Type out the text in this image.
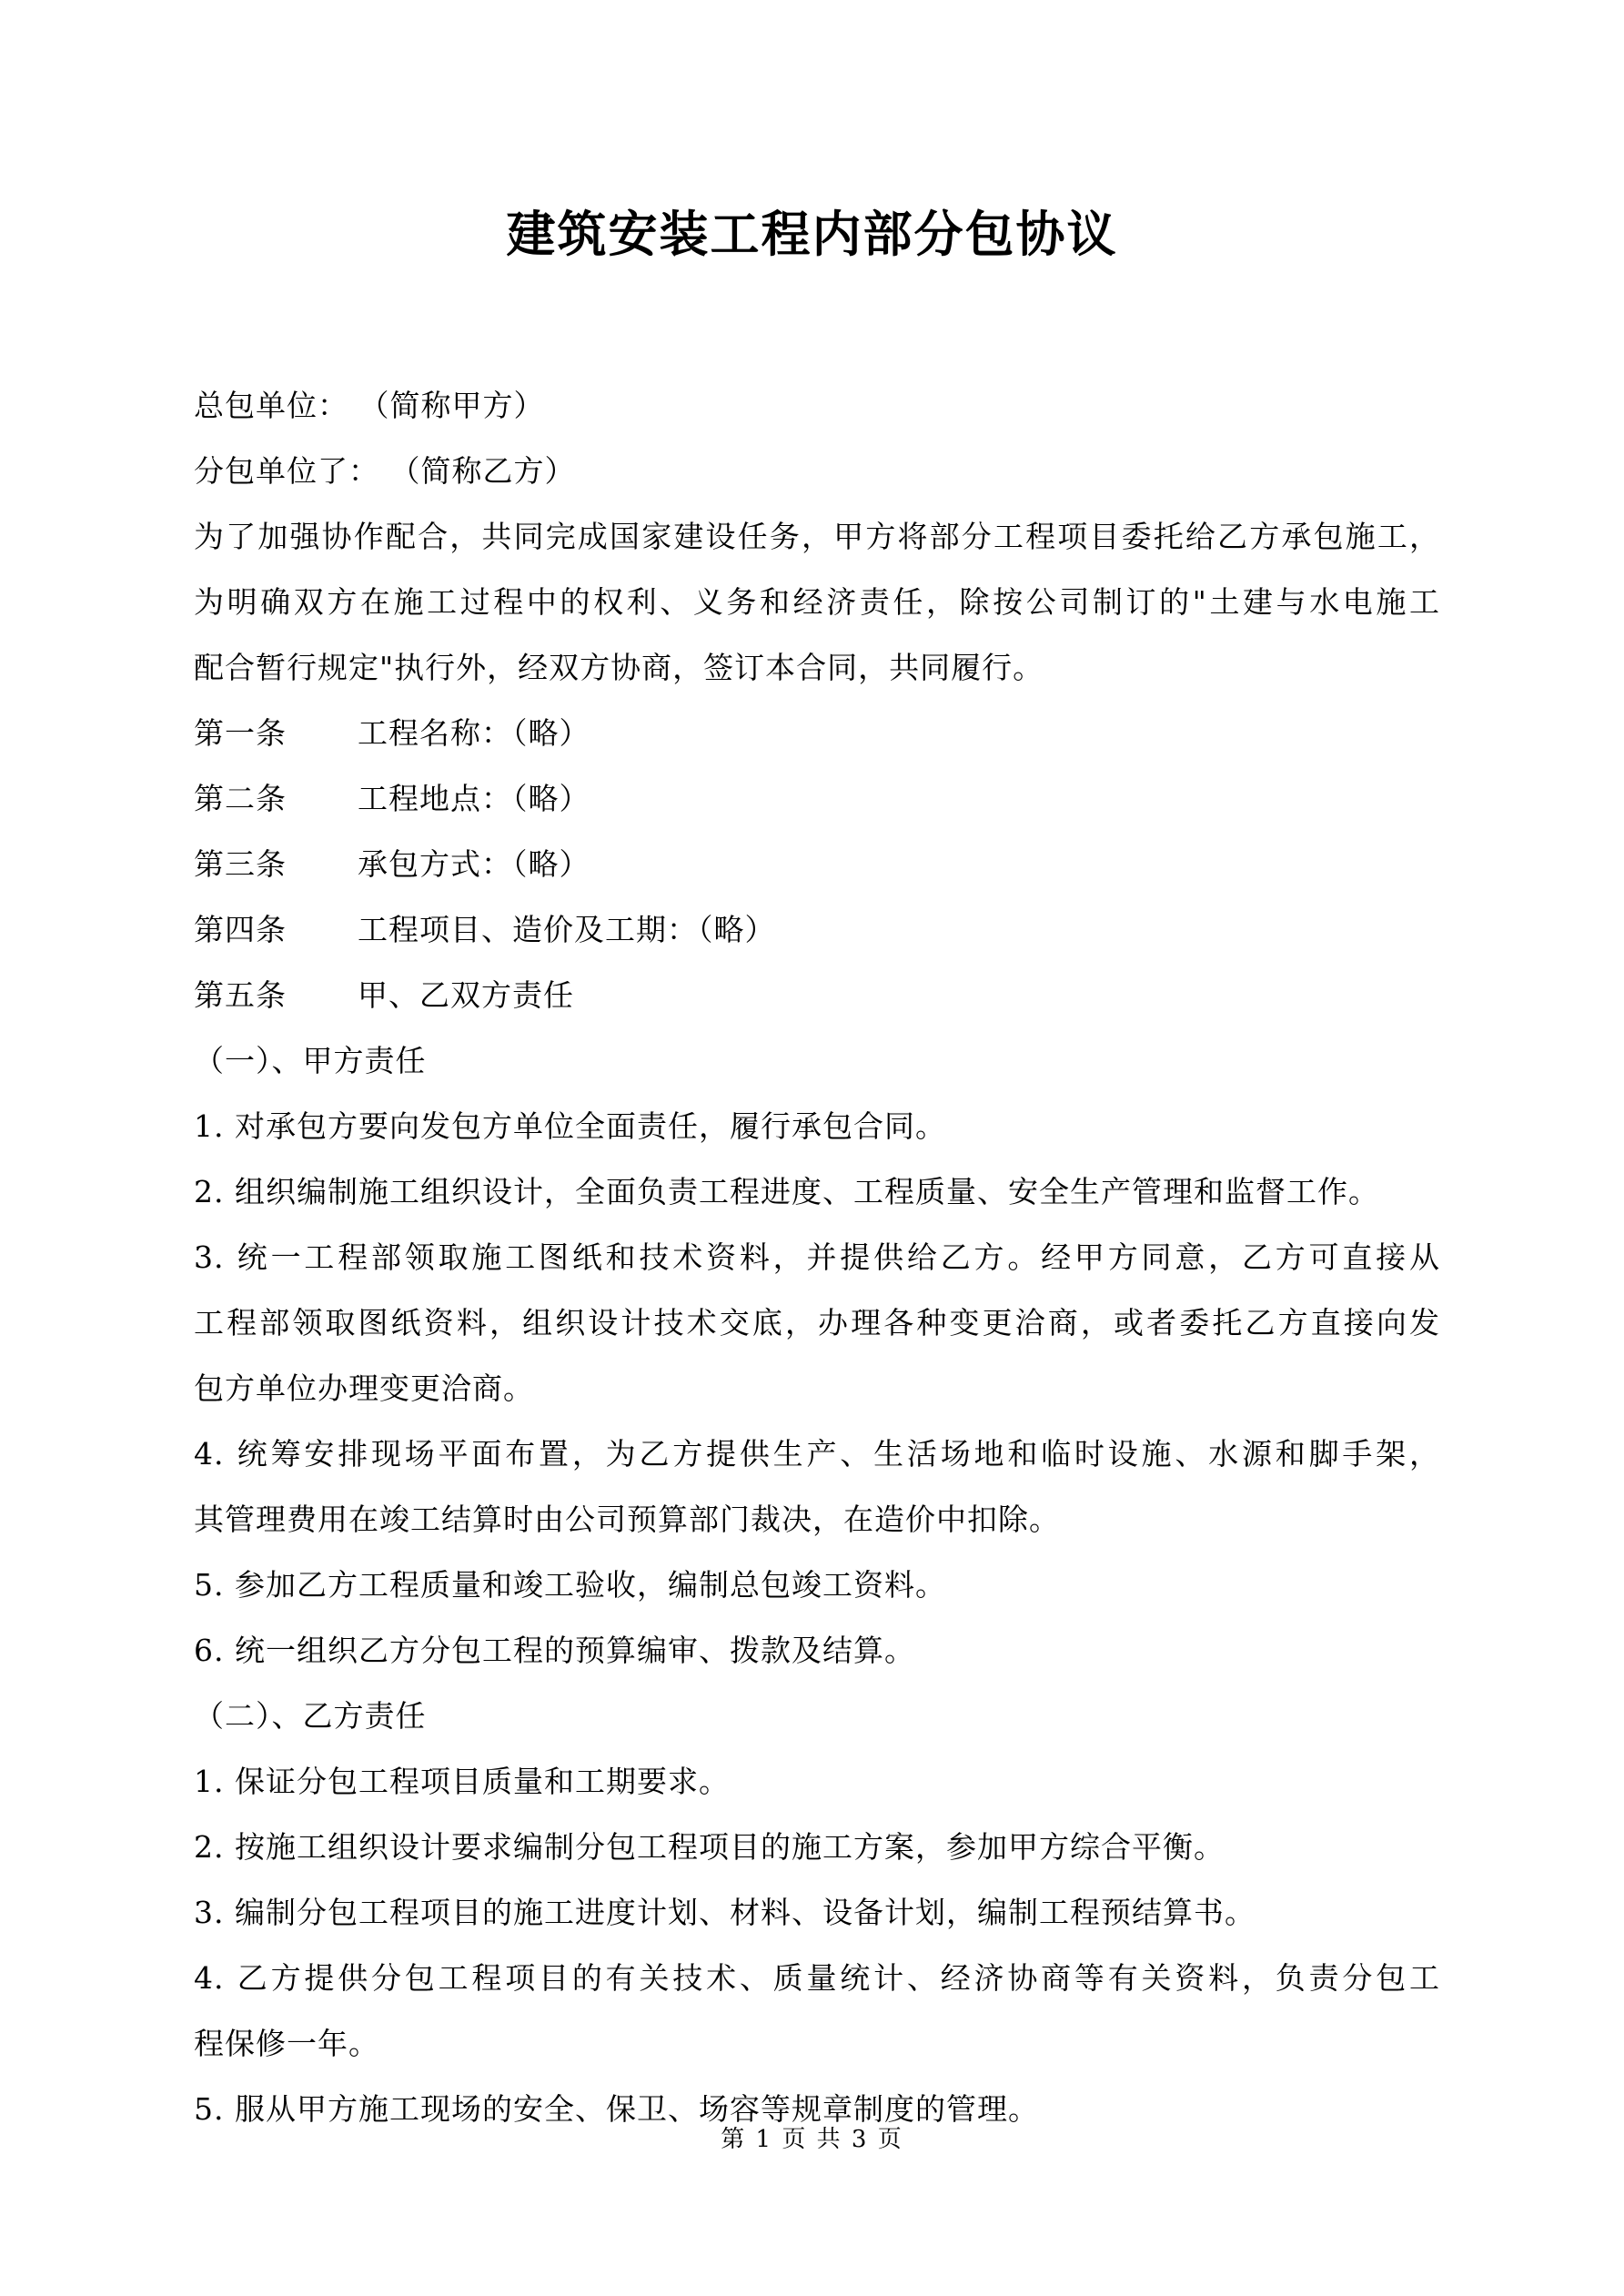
建筑安装工程内部分包协议
总包单位： （简称甲方）
分包单位了： （简称乙方）
为了加强协作配合，共同完成国家建设任务，甲方将部分工程项目委托给乙方承包施工，
为明确双方在施工过程中的权利、义务和经济责任，除按公司制订的"土建与水电施工
配合暂行规定"执行外，经双方协商，签订本合同，共同履行。
第一条 工程名称：（略）
第二条 工程地点：（略）
第三条 承包方式：（略）
第四条 工程项目、造价及工期：（略）
第五条 甲、乙双方责任
（一）、甲方责任
1. 对承包方要向发包方单位全面责任，履行承包合同。
2. 组织编制施工组织设计，全面负责工程进度、工程质量、安全生产管理和监督工作。
3. 统一工程部领取施工图纸和技术资料，并提供给乙方。经甲方同意，乙方可直接从
工程部领取图纸资料，组织设计技术交底，办理各种变更洽商，或者委托乙方直接向发
包方单位办理变更洽商。
4. 统筹安排现场平面布置，为乙方提供生产、生活场地和临时设施、水源和脚手架，
其管理费用在竣工结算时由公司预算部门裁决，在造价中扣除。
5. 参加乙方工程质量和竣工验收，编制总包竣工资料。
6. 统一组织乙方分包工程的预算编审、拨款及结算。
（二）、乙方责任
1. 保证分包工程项目质量和工期要求。
2. 按施工组织设计要求编制分包工程项目的施工方案，参加甲方综合平衡。
3. 编制分包工程项目的施工进度计划、材料、设备计划，编制工程预结算书。
4. 乙方提供分包工程项目的有关技术、质量统计、经济协商等有关资料，负责分包工
程保修一年。
5. 服从甲方施工现场的安全、保卫、场容等规章制度的管理。
第 1 页 共 3 页
